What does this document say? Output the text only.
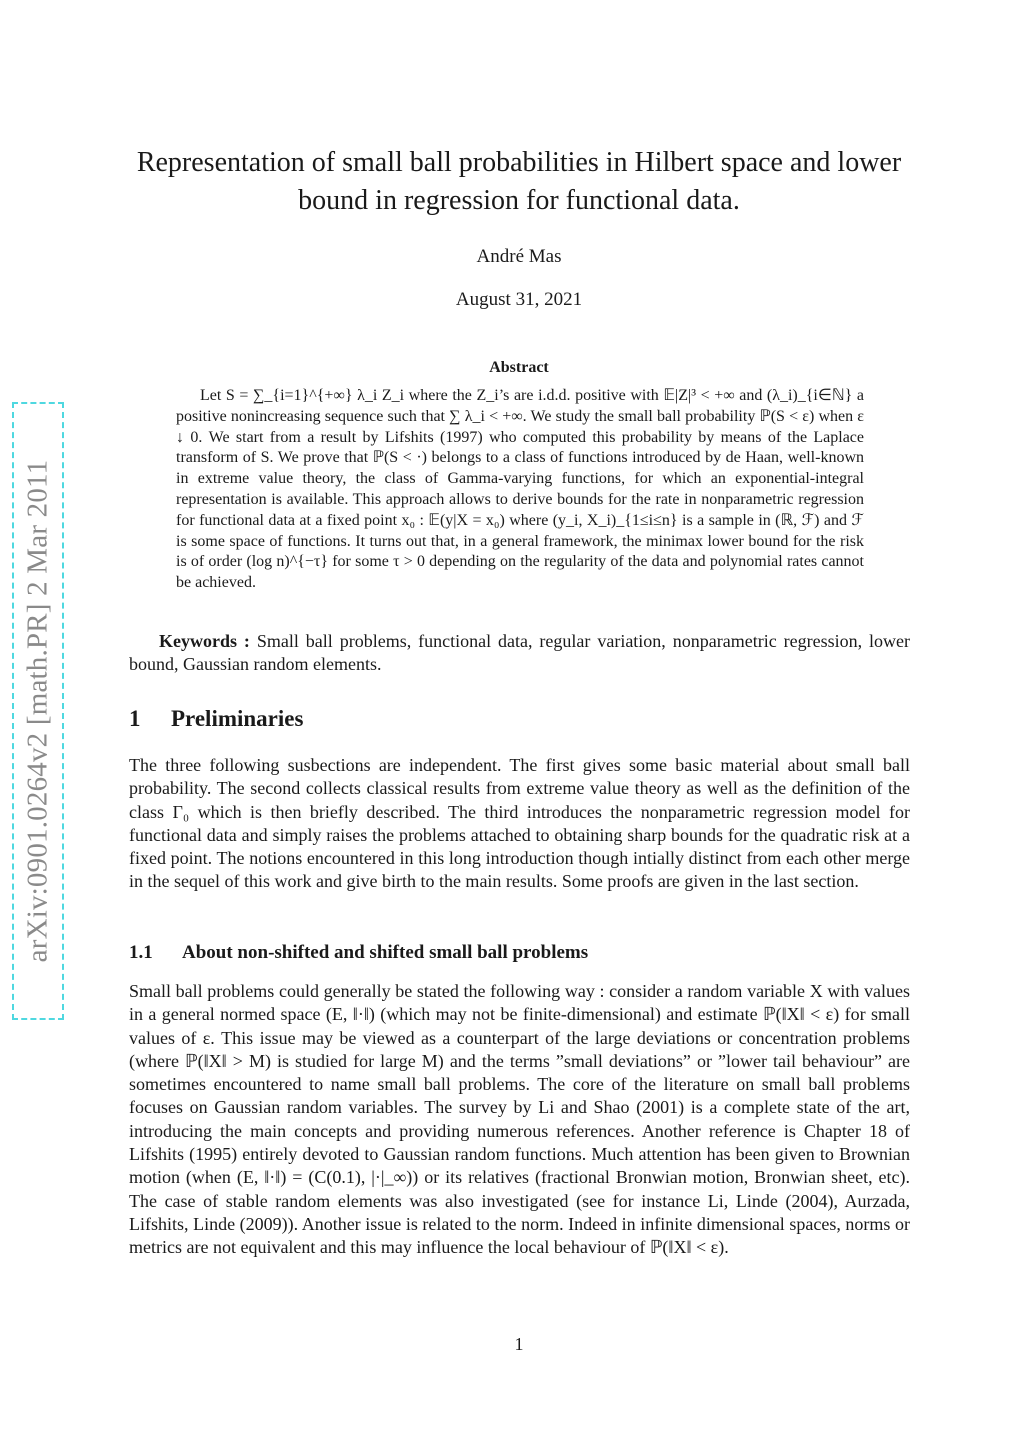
arXiv:0901.0264v2 [math.PR] 2 Mar 2011
Representation of small ball probabilities in Hilbert space and lower bound in regression for functional data.
André Mas
August 31, 2021
Abstract

Let S = ∑_{i=1}^{+∞} λ_i Z_i where the Z_i’s are i.d.d. positive with 𝔼|Z|³ < +∞ and (λ_i)_{i∈ℕ} a positive nonincreasing sequence such that ∑ λ_i < +∞. We study the small ball probability ℙ(S < ε) when ε ↓ 0. We start from a result by Lifshits (1997) who computed this probability by means of the Laplace transform of S. We prove that ℙ(S < ·) belongs to a class of functions introduced by de Haan, well-known in extreme value theory, the class of Gamma-varying functions, for which an exponential-integral representation is available. This approach allows to derive bounds for the rate in nonparametric regression for functional data at a fixed point x₀ : 𝔼(y|X = x₀) where (y_i, X_i)_{1≤i≤n} is a sample in (ℝ, ℱ) and ℱ is some space of functions. It turns out that, in a general framework, the minimax lower bound for the risk is of order (log n)^{−τ} for some τ > 0 depending on the regularity of the data and polynomial rates cannot be achieved.

Keywords : Small ball problems, functional data, regular variation, nonparametric regression, lower bound, Gaussian random elements.

1 Preliminaries

The three following susbections are independent. The first gives some basic material about small ball probability. The second collects classical results from extreme value theory as well as the definition of the class Γ₀ which is then briefly described. The third introduces the nonparametric regression model for functional data and simply raises the problems attached to obtaining sharp bounds for the quadratic risk at a fixed point. The notions encountered in this long introduction though intially distinct from each other merge in the sequel of this work and give birth to the main results. Some proofs are given in the last section.

1.1 About non-shifted and shifted small ball problems

Small ball problems could generally be stated the following way : consider a random variable X with values in a general normed space (E, ‖·‖) (which may not be finite-dimensional) and estimate ℙ(‖X‖ < ε) for small values of ε. This issue may be viewed as a counterpart of the large deviations or concentration problems (where ℙ(‖X‖ > M) is studied for large M) and the terms ”small deviations” or ”lower tail behaviour” are sometimes encountered to name small ball problems. The core of the literature on small ball problems focuses on Gaussian random variables. The survey by Li and Shao (2001) is a complete state of the art, introducing the main concepts and providing numerous references. Another reference is Chapter 18 of Lifshits (1995) entirely devoted to Gaussian random functions. Much attention has been given to Brownian motion (when (E, ‖·‖) = (C(0.1), |·|_∞)) or its relatives (fractional Bronwian motion, Bronwian sheet, etc). The case of stable random elements was also investigated (see for instance Li, Linde (2004), Aurzada, Lifshits, Linde (2009)). Another issue is related to the norm. Indeed in infinite dimensional spaces, norms or metrics are not equivalent and this may influence the local behaviour of ℙ(‖X‖ < ε).

1
